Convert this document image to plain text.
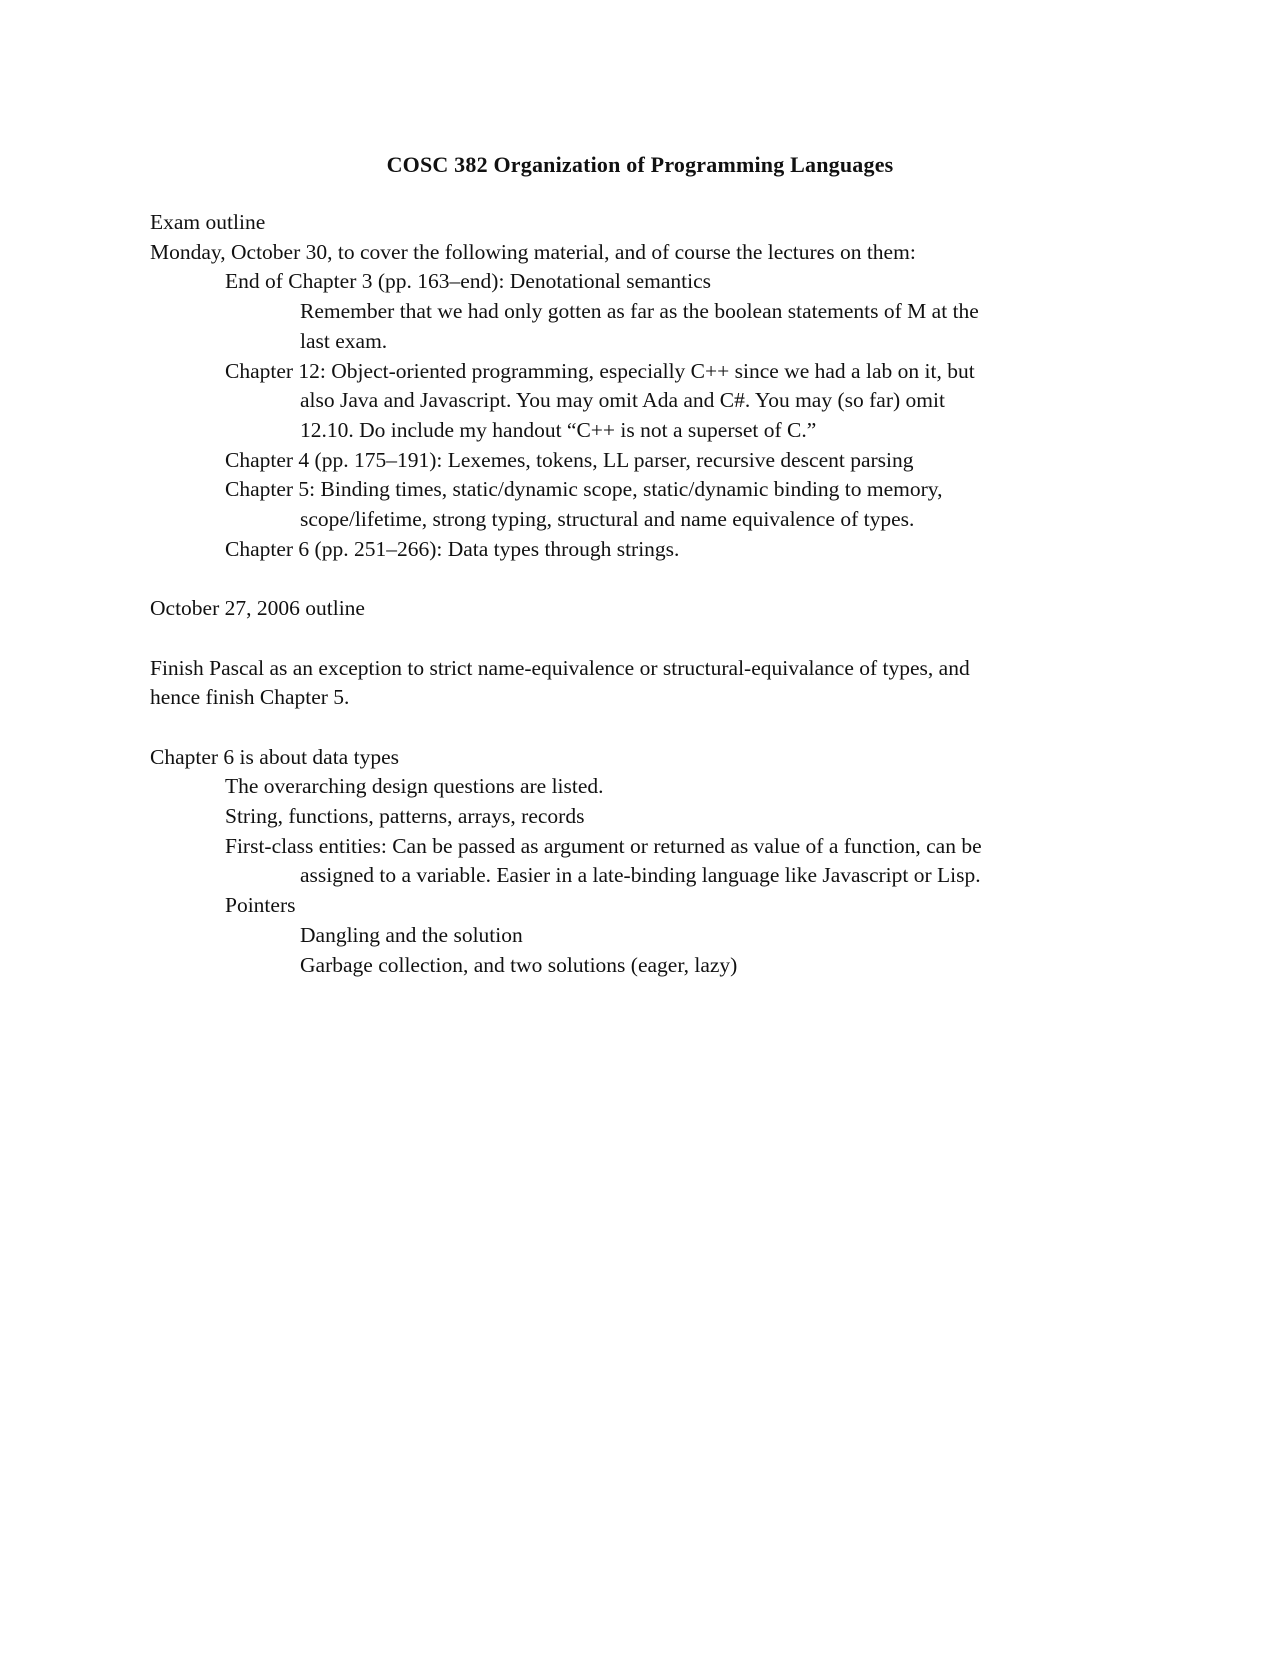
COSC 382 Organization of Programming Languages

Exam outline

Monday, October 30, to cover the following material, and of course the lectures on them:

End of Chapter 3 (pp. 163–end): Denotational semantics

Remember that we had only gotten as far as the boolean statements of M at the

last exam.

Chapter 12: Object-oriented programming, especially C++ since we had a lab on it, but

also Java and Javascript. You may omit Ada and C#. You may (so far) omit

12.10. Do include my handout “C++ is not a superset of C.”

Chapter 4 (pp. 175–191): Lexemes, tokens, LL parser, recursive descent parsing

Chapter 5: Binding times, static/dynamic scope, static/dynamic binding to memory,

scope/lifetime, strong typing, structural and name equivalence of types.

Chapter 6 (pp. 251–266): Data types through strings.

October 27, 2006 outline

Finish Pascal as an exception to strict name-equivalence or structural-equivalance of types, and

hence finish Chapter 5.

Chapter 6 is about data types

The overarching design questions are listed.

String, functions, patterns, arrays, records

First-class entities: Can be passed as argument or returned as value of a function, can be

assigned to a variable. Easier in a late-binding language like Javascript or Lisp.

Pointers

Dangling and the solution

Garbage collection, and two solutions (eager, lazy)
